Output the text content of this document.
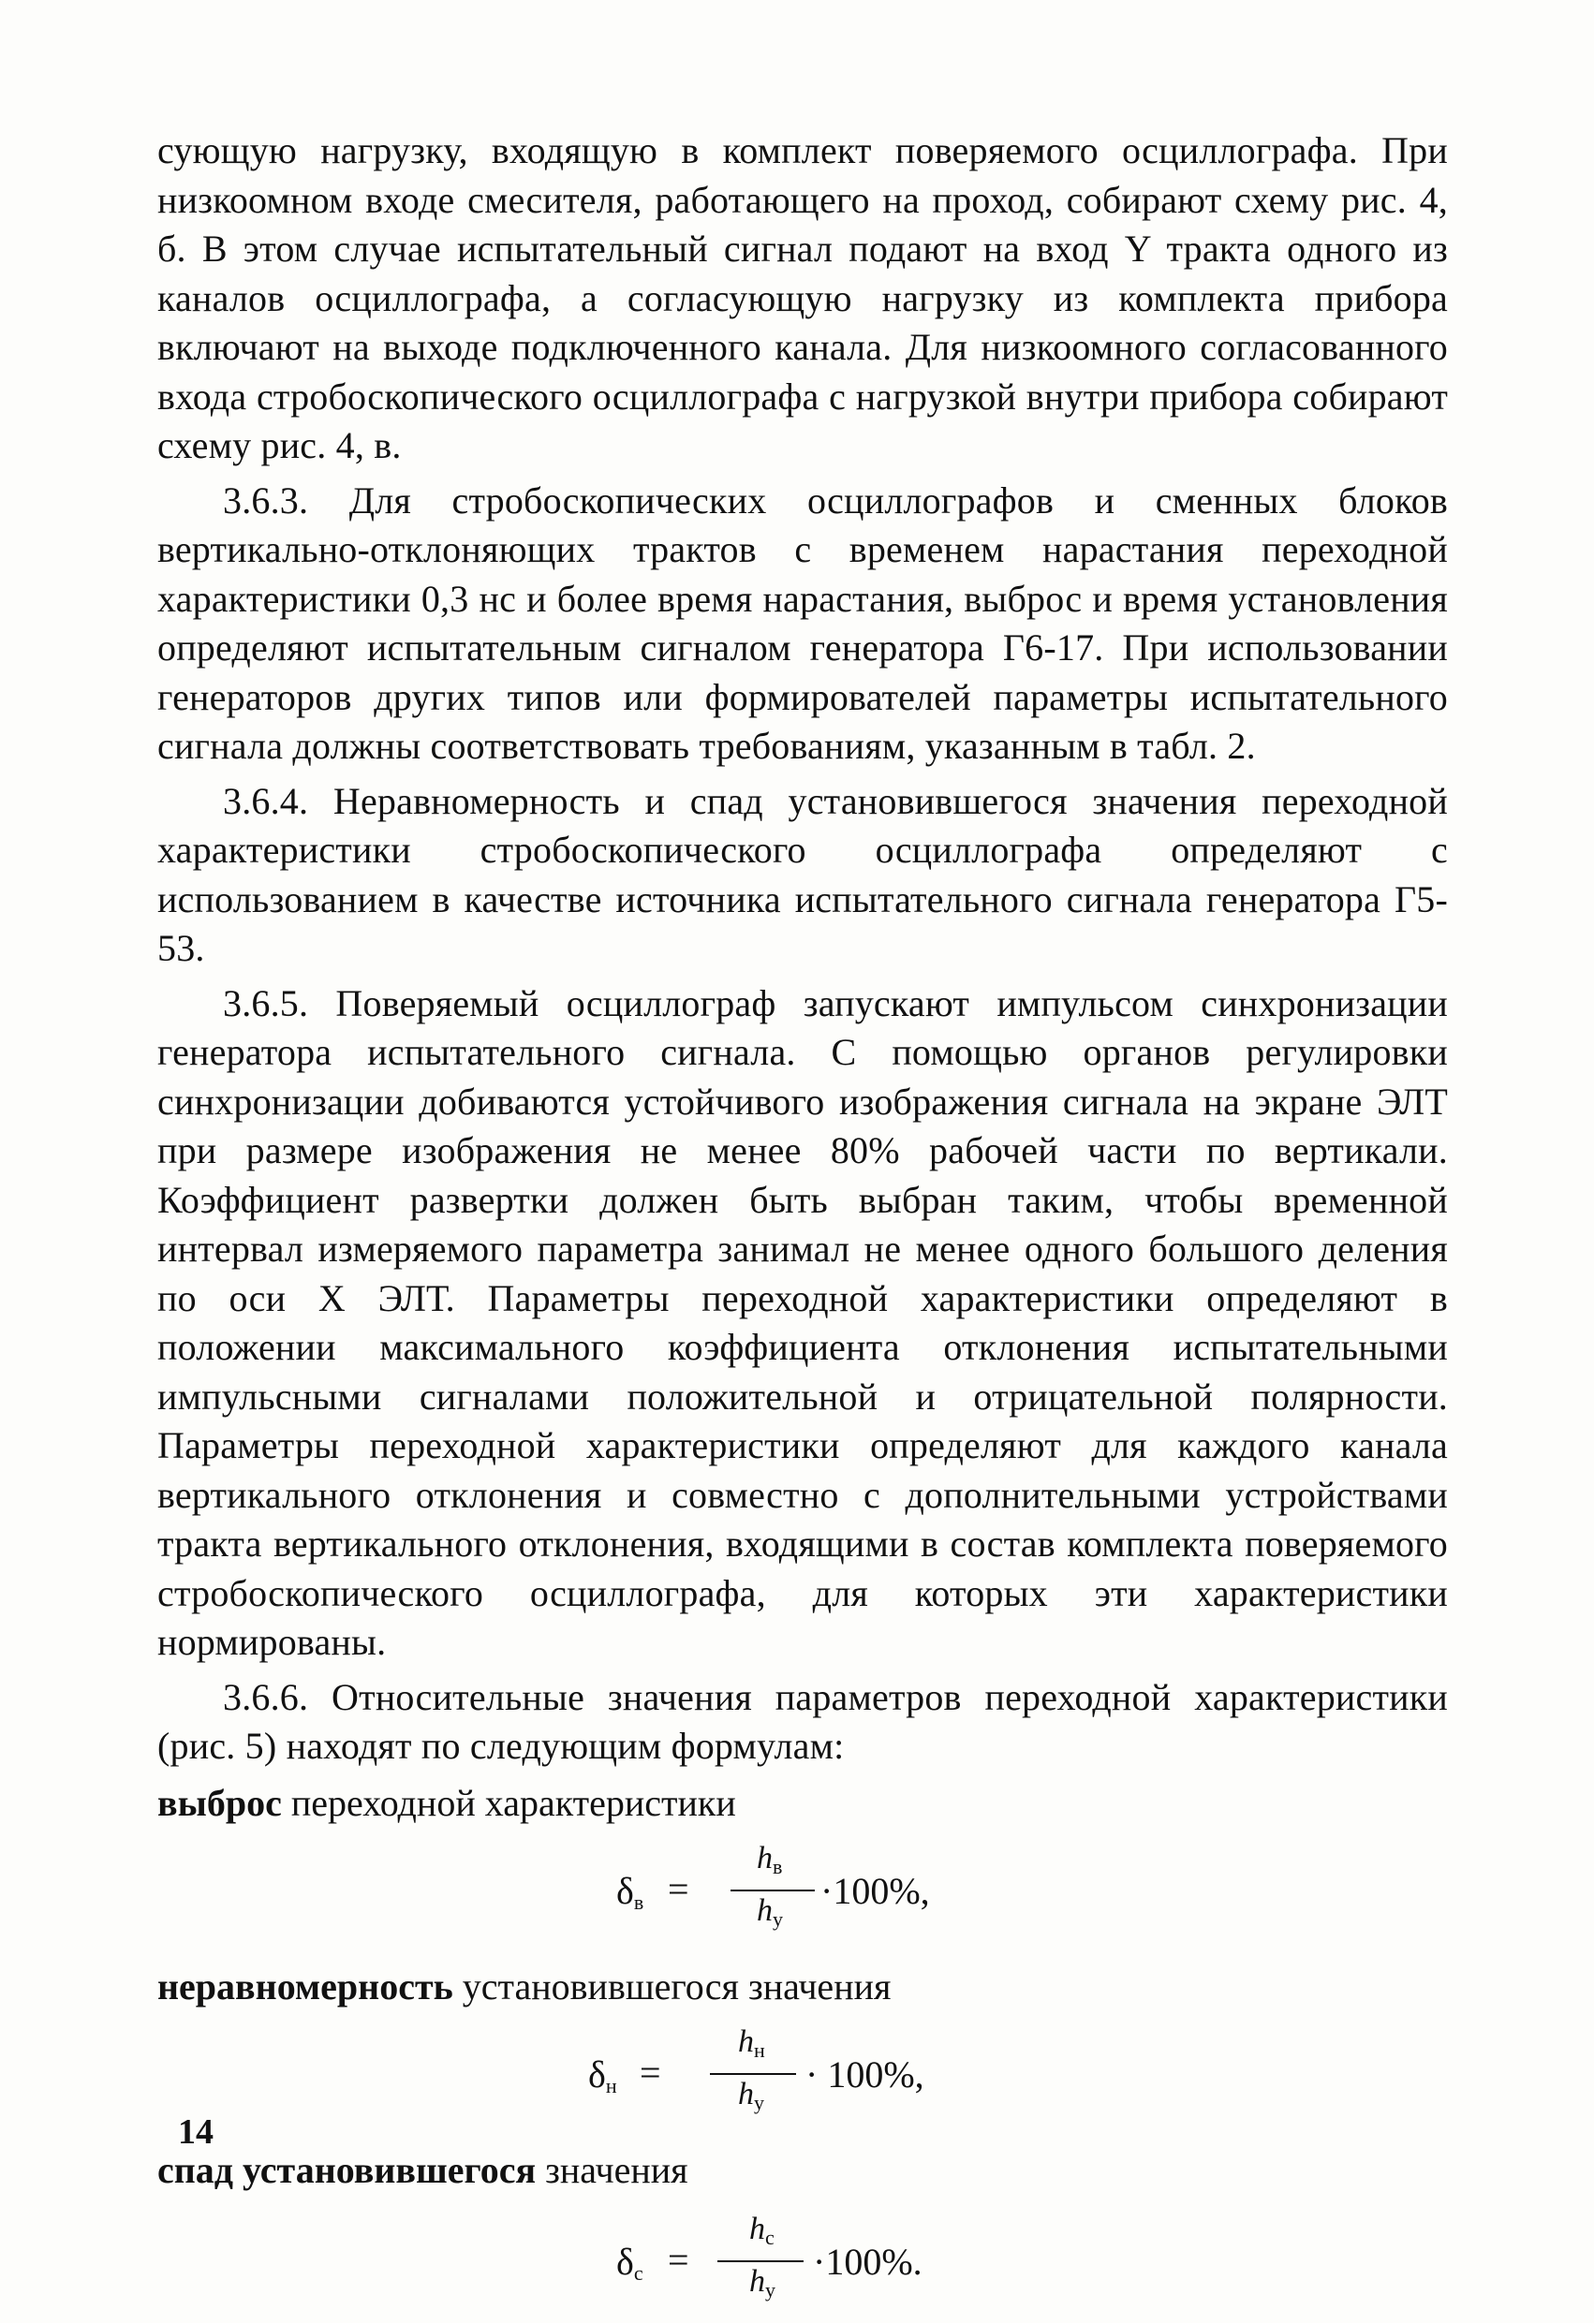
сующую нагрузку, входящую в комплект поверяемого осциллографа. При низкоомном входе смесителя, работающего на проход, собирают схему рис. 4, б. В этом случае испытательный сигнал подают на вход Y тракта одного из каналов осциллографа, а согласующую нагрузку из комплекта прибора включают на выходе подключенного канала. Для низкоомного согласованного входа стробоскопического осциллографа с нагрузкой внутри прибора собирают схему рис. 4, в.

3.6.3. Для стробоскопических осциллографов и сменных блоков вертикально-отклоняющих трактов с временем нарастания переходной характеристики 0,3 нс и более время нарастания, выброс и время установления определяют испытательным сигналом генератора Г6-17. При использовании генераторов других типов или формирователей параметры испытательного сигнала должны соответствовать требованиям, указанным в табл. 2.

3.6.4. Неравномерность и спад установившегося значения переходной характеристики стробоскопического осциллографа определяют с использованием в качестве источника испытательного сигнала генератора Г5-53.

3.6.5. Поверяемый осциллограф запускают импульсом синхронизации генератора испытательного сигнала. С помощью органов регулировки синхронизации добиваются устойчивого изображения сигнала на экране ЭЛТ при размере изображения не менее 80% рабочей части по вертикали. Коэффициент развертки должен быть выбран таким, чтобы временной интервал измеряемого параметра занимал не менее одного большого деления по оси X ЭЛТ. Параметры переходной характеристики определяют в положении максимального коэффициента отклонения испытательными импульсными сигналами положительной и отрицательной полярности. Параметры переходной характеристики определяют для каждого канала вертикального отклонения и совместно с дополнительными устройствами тракта вертикального отклонения, входящими в состав комплекта поверяемого стробоскопического осциллографа, для которых эти характеристики нормированы.

3.6.6. Относительные значения параметров переходной характеристики (рис. 5) находят по следующим формулам:

выброс переходной характеристики

$\delta_в$ =
$h_в$
$h_у$
·100%,

неравномерность установившегося значения

$\delta_н$ =
$h_н$
$h_у$
· 100%,

спад установившегося значения

$\delta_c$ =
$h_c$
$h_у$
·100%.
14
